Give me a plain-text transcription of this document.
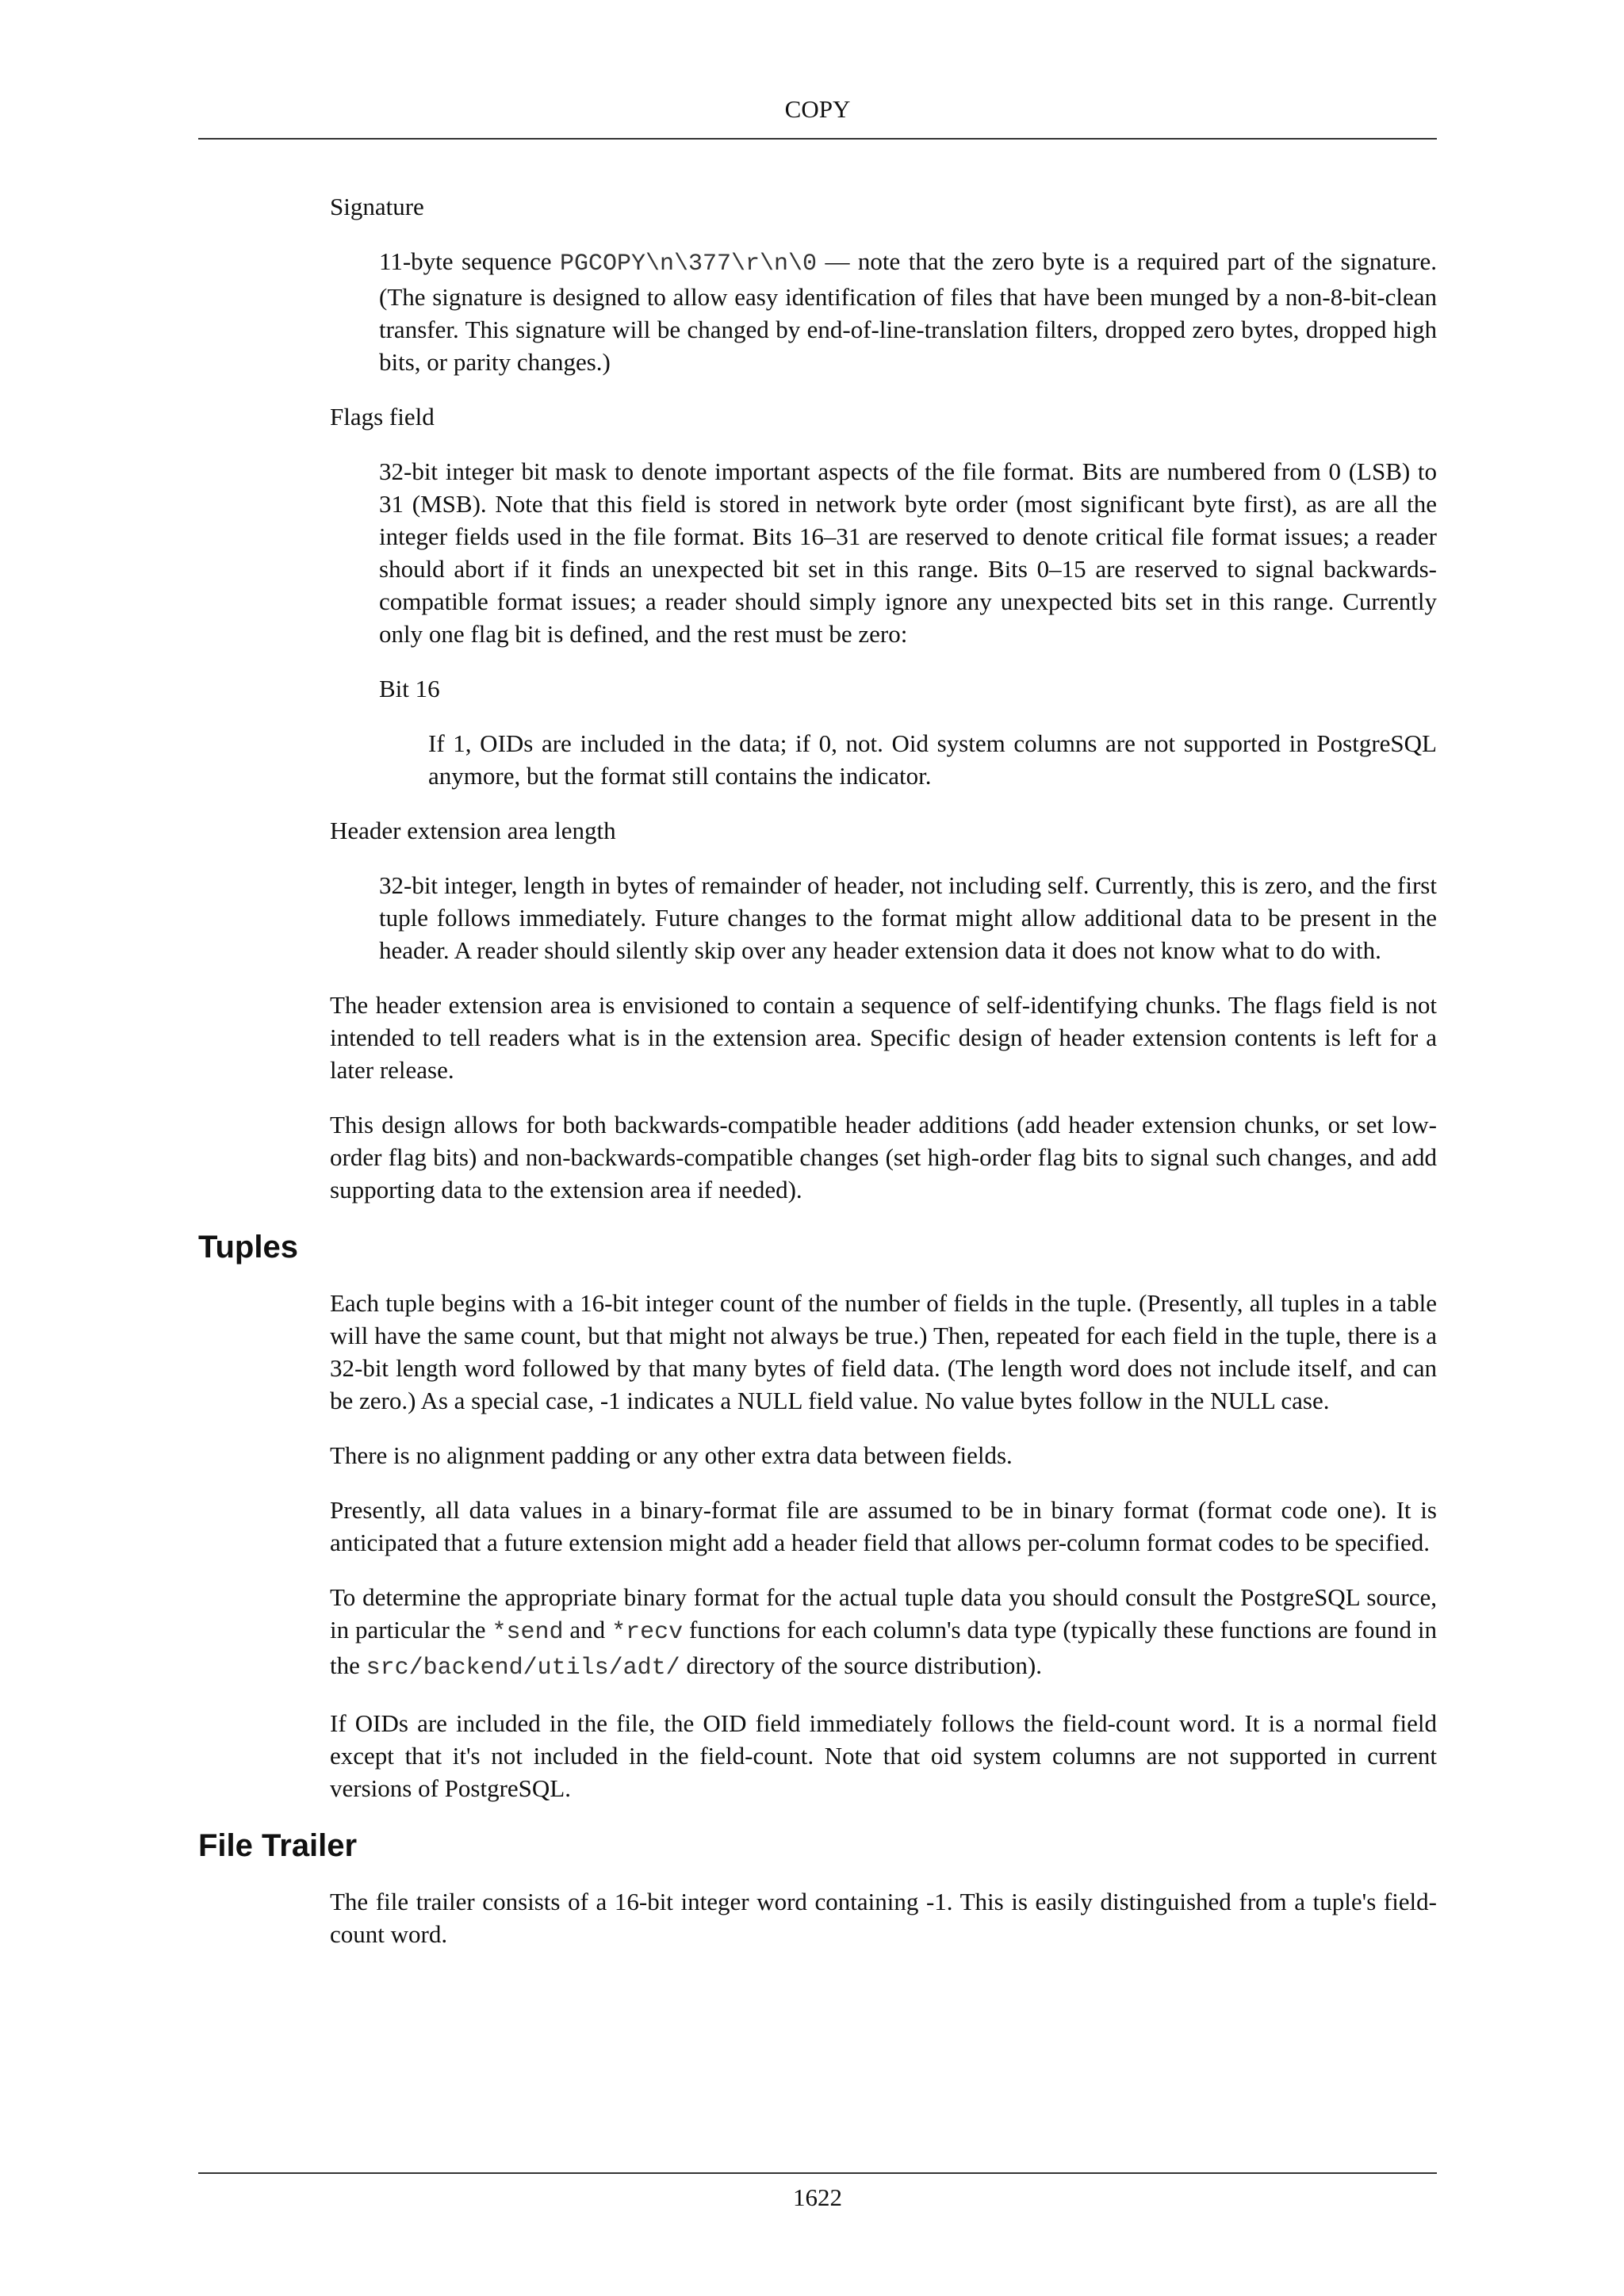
COPY
Signature
11-byte sequence PGCOPY\n\377\r\n\0 — note that the zero byte is a required part of the signature. (The signature is designed to allow easy identification of files that have been munged by a non-8-bit-clean transfer. This signature will be changed by end-of-line-translation filters, dropped zero bytes, dropped high bits, or parity changes.)
Flags field
32-bit integer bit mask to denote important aspects of the file format. Bits are numbered from 0 (LSB) to 31 (MSB). Note that this field is stored in network byte order (most significant byte first), as are all the integer fields used in the file format. Bits 16–31 are reserved to denote critical file format issues; a reader should abort if it finds an unexpected bit set in this range. Bits 0–15 are reserved to signal backwards-compatible format issues; a reader should simply ignore any unexpected bits set in this range. Currently only one flag bit is defined, and the rest must be zero:
Bit 16
If 1, OIDs are included in the data; if 0, not. Oid system columns are not supported in PostgreSQL anymore, but the format still contains the indicator.
Header extension area length
32-bit integer, length in bytes of remainder of header, not including self. Currently, this is zero, and the first tuple follows immediately. Future changes to the format might allow additional data to be present in the header. A reader should silently skip over any header extension data it does not know what to do with.
The header extension area is envisioned to contain a sequence of self-identifying chunks. The flags field is not intended to tell readers what is in the extension area. Specific design of header extension contents is left for a later release.
This design allows for both backwards-compatible header additions (add header extension chunks, or set low-order flag bits) and non-backwards-compatible changes (set high-order flag bits to signal such changes, and add supporting data to the extension area if needed).
Tuples
Each tuple begins with a 16-bit integer count of the number of fields in the tuple. (Presently, all tuples in a table will have the same count, but that might not always be true.) Then, repeated for each field in the tuple, there is a 32-bit length word followed by that many bytes of field data. (The length word does not include itself, and can be zero.) As a special case, -1 indicates a NULL field value. No value bytes follow in the NULL case.
There is no alignment padding or any other extra data between fields.
Presently, all data values in a binary-format file are assumed to be in binary format (format code one). It is anticipated that a future extension might add a header field that allows per-column format codes to be specified.
To determine the appropriate binary format for the actual tuple data you should consult the PostgreSQL source, in particular the *send and *recv functions for each column's data type (typically these functions are found in the src/backend/utils/adt/ directory of the source distribution).
If OIDs are included in the file, the OID field immediately follows the field-count word. It is a normal field except that it's not included in the field-count. Note that oid system columns are not supported in current versions of PostgreSQL.
File Trailer
The file trailer consists of a 16-bit integer word containing -1. This is easily distinguished from a tuple's field-count word.
1622
